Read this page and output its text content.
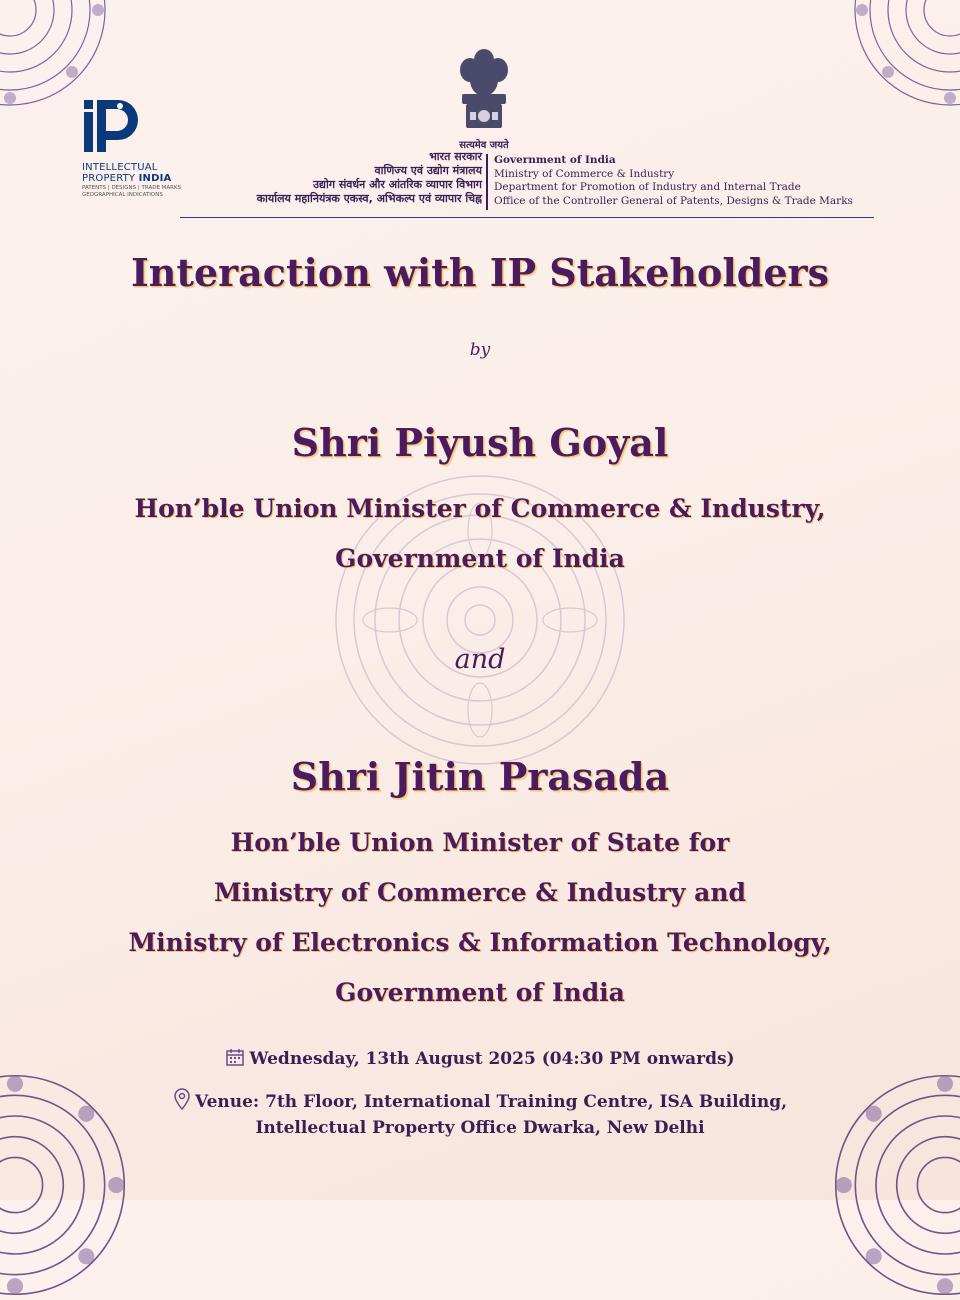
INTELLECTUAL
PROPERTY INDIA
PATENTS | DESIGNS | TRADE MARKS
GEOGRAPHICAL INDICATIONS
सत्यमेव जयते
भारत सरकार
वाणिज्य एवं उद्योग मंत्रालय
उद्योग संवर्धन और आंतरिक व्यापार विभाग
कार्यालय महानियंत्रक एकस्व, अभिकल्प एवं व्यापार चिह्न
Government of India
Ministry of Commerce & Industry
Department for Promotion of Industry and Internal Trade
Office of the Controller General of Patents, Designs & Trade Marks
Interaction with IP Stakeholders
by
Shri Piyush Goyal
Hon’ble Union Minister of Commerce & Industry,
Government of India
and
Shri Jitin Prasada
Hon’ble Union Minister of State for
Ministry of Commerce & Industry and
Ministry of Electronics & Information Technology,
Government of India
Wednesday, 13th August 2025 (04:30 PM onwards)
Venue: 7th Floor, International Training Centre, ISA Building,
Intellectual Property Office Dwarka, New Delhi
